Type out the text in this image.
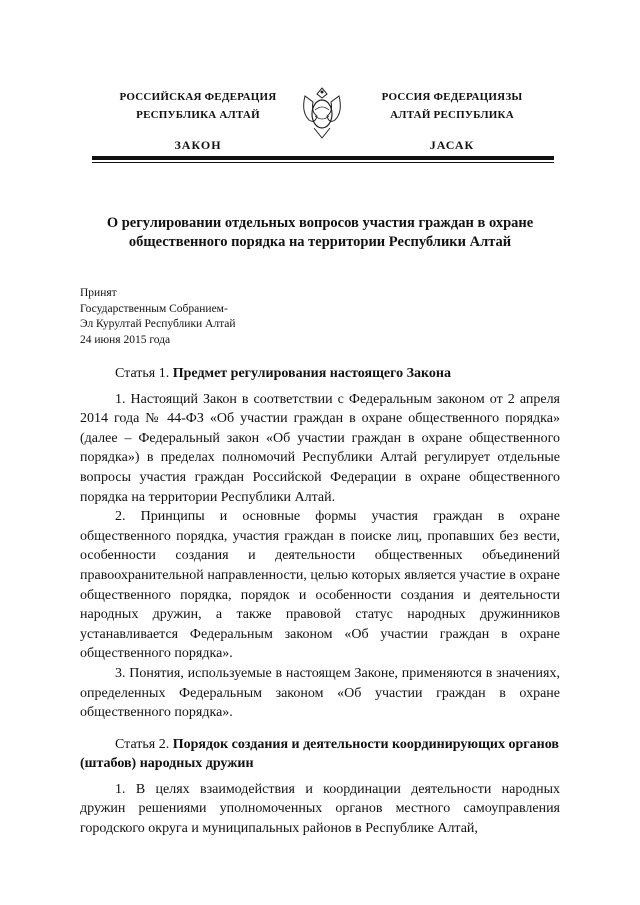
РОССИЙСКАЯ ФЕДЕРАЦИЯ
РЕСПУБЛИКА АЛТАЙ
ЗАКОН
РОССИЯ ФЕДЕРАЦИЯЗЫ
АЛТАЙ РЕСПУБЛИКА
JАСАК
О регулировании отдельных вопросов участия граждан в охране общественного порядка на территории Республики Алтай
Принят
Государственным Собранием-
Эл Курултай Республики Алтай
24 июня 2015 года

Статья 1. Предмет регулирования настоящего Закона

1. Настоящий Закон в соответствии с Федеральным законом от 2 апреля 2014 года № 44-ФЗ «Об участии граждан в охране общественного порядка» (далее – Федеральный закон «Об участии граждан в охране общественного порядка») в пределах полномочий Республики Алтай регулирует отдельные вопросы участия граждан Российской Федерации в охране общественного порядка на территории Республики Алтай.

2. Принципы и основные формы участия граждан в охране общественного порядка, участия граждан в поиске лиц, пропавших без вести, особенности создания и деятельности общественных объединений правоохранительной направленности, целью которых является участие в охране общественного порядка, порядок и особенности создания и деятельности народных дружин, а также правовой статус народных дружинников устанавливается Федеральным законом «Об участии граждан в охране общественного порядка».

3. Понятия, используемые в настоящем Законе, применяются в значениях, определенных Федеральным законом «Об участии граждан в охране общественного порядка».

Статья 2. Порядок создания и деятельности координирующих органов (штабов) народных дружин

1. В целях взаимодействия и координации деятельности народных дружин решениями уполномоченных органов местного самоуправления городского округа и муниципальных районов в Республике Алтай,
